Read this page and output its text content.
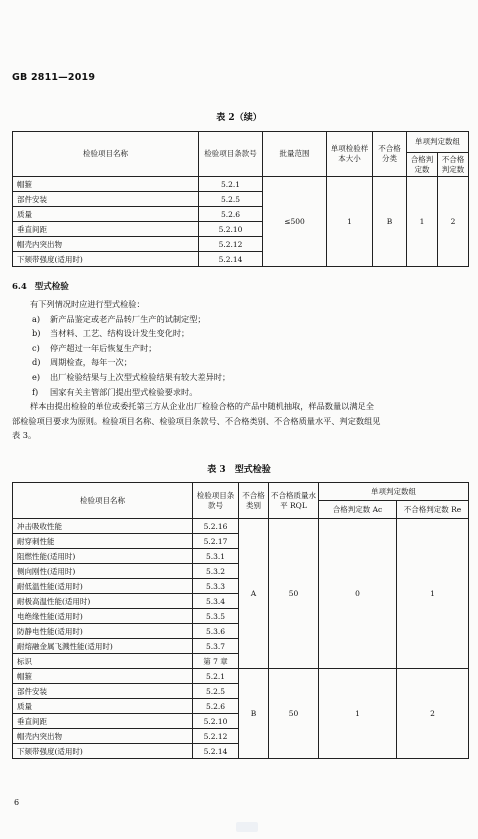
GB 2811—2019
表 2（续）
检验项目名称	检验项目条款号	批量范围	单项检验样本大小	不合格分类	单项判定数组	
					合格判定数	不合格判定数
帽箍	5.2.1	≤500	1	B	1	2
部件安装	5.2.5					
质量	5.2.6					
垂直间距	5.2.10					
帽壳内突出物	5.2.12					
下颏带强度(适用时)	5.2.14					
6.4 型式检验
有下列情况时应进行型式检验：
a) 新产品鉴定或老产品转厂生产的试制定型；
b) 当材料、工艺、结构设计发生变化时；
c) 停产超过一年后恢复生产时；
d) 周期检查，每年一次；
e) 出厂检验结果与上次型式检验结果有较大差异时；
f) 国家有关主管部门提出型式检验要求时。
样本由提出检验的单位或委托第三方从企业出厂检验合格的产品中随机抽取，样品数量以满足全
部检验项目要求为原则。检验项目名称、检验项目条款号、不合格类别、不合格质量水平、判定数组见
表 3。
表 3　型式检验
检验项目名称	检验项目条款号	不合格类别	不合格质量水平 RQL	单项判定数组	
				合格判定数 Ac	不合格判定数 Re
冲击吸收性能	5.2.16	A	50	0	1
耐穿刺性能	5.2.17				
阻燃性能(适用时)	5.3.1				
侧向刚性(适用时)	5.3.2				
耐低温性能(适用时)	5.3.3				
耐极高温性能(适用时)	5.3.4				
电绝缘性能(适用时)	5.3.5				
防静电性能(适用时)	5.3.6				
耐熔融金属飞溅性能(适用时)	5.3.7				
标识	第 7 章				
帽箍	5.2.1	B	50	1	2
部件安装	5.2.5				
质量	5.2.6				
垂直间距	5.2.10				
帽壳内突出物	5.2.12				
下颏带强度(适用时)	5.2.14				
6
